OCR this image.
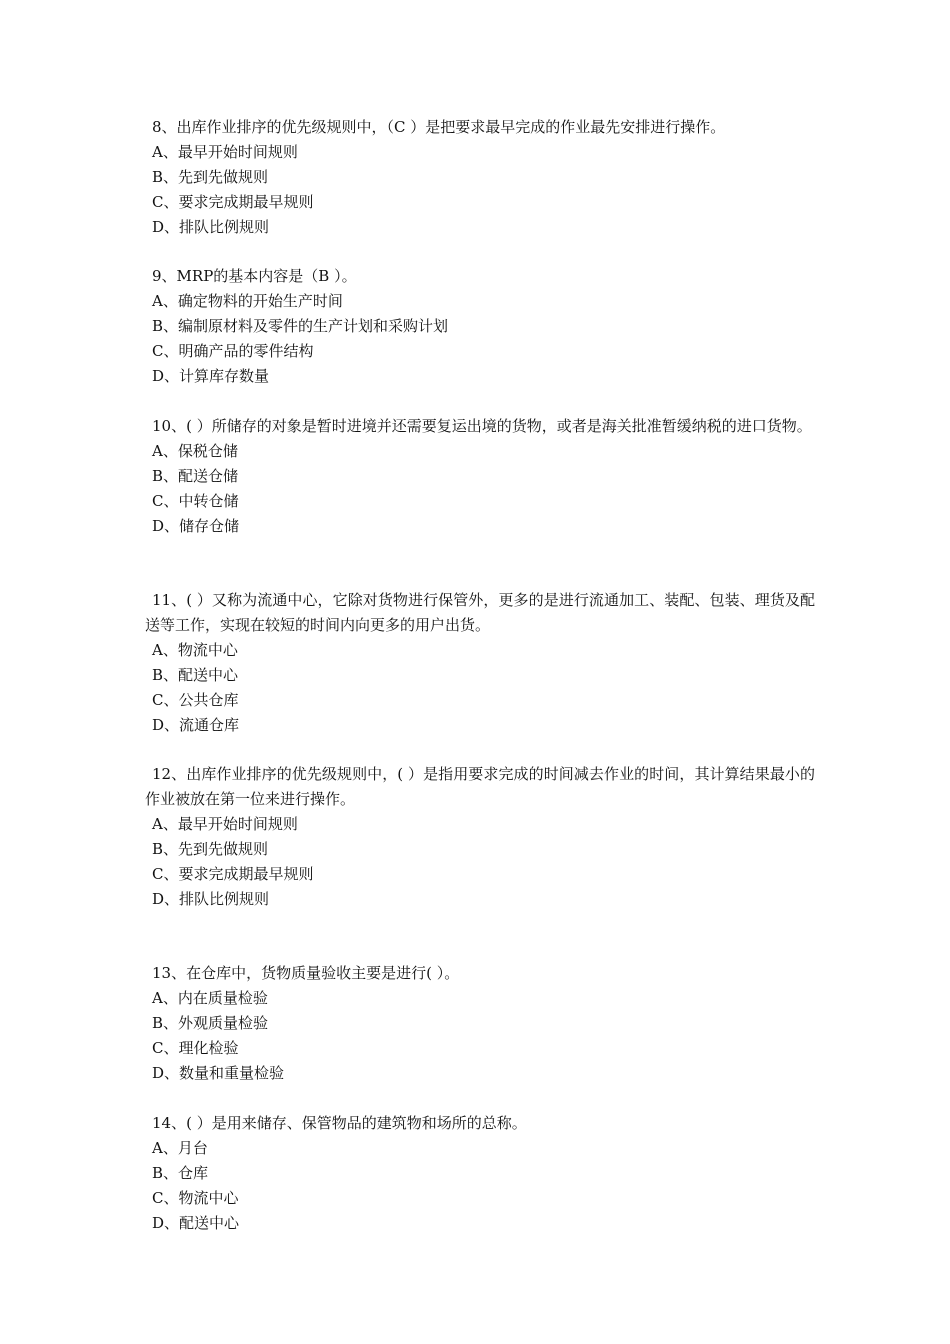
8、出库作业排序的优先级规则中，（C ）是把要求最早完成的作业最先安排进行操作。
A、最早开始时间规则
B、先到先做规则
C、要求完成期最早规则
D、排队比例规则
9、MRP的基本内容是（B ）。
A、确定物料的开始生产时间
B、编制原材料及零件的生产计划和采购计划
C、明确产品的零件结构
D、计算库存数量
10、( ）所储存的对象是暂时进境并还需要复运出境的货物，或者是海关批准暂缓纳税的进口货物。
A、保税仓储
B、配送仓储
C、中转仓储
D、储存仓储
11、( ）又称为流通中心，它除对货物进行保管外，更多的是进行流通加工、装配、包装、理货及配送等工作，实现在较短的时间内向更多的用户出货。
A、物流中心
B、配送中心
C、公共仓库
D、流通仓库
12、出库作业排序的优先级规则中，( ）是指用要求完成的时间减去作业的时间，其计算结果最小的作业被放在第一位来进行操作。
A、最早开始时间规则
B、先到先做规则
C、要求完成期最早规则
D、排队比例规则
13、在仓库中，货物质量验收主要是进行( ）。
A、内在质量检验
B、外观质量检验
C、理化检验
D、数量和重量检验
14、( ）是用来储存、保管物品的建筑物和场所的总称。
A、月台
B、仓库
C、物流中心
D、配送中心
